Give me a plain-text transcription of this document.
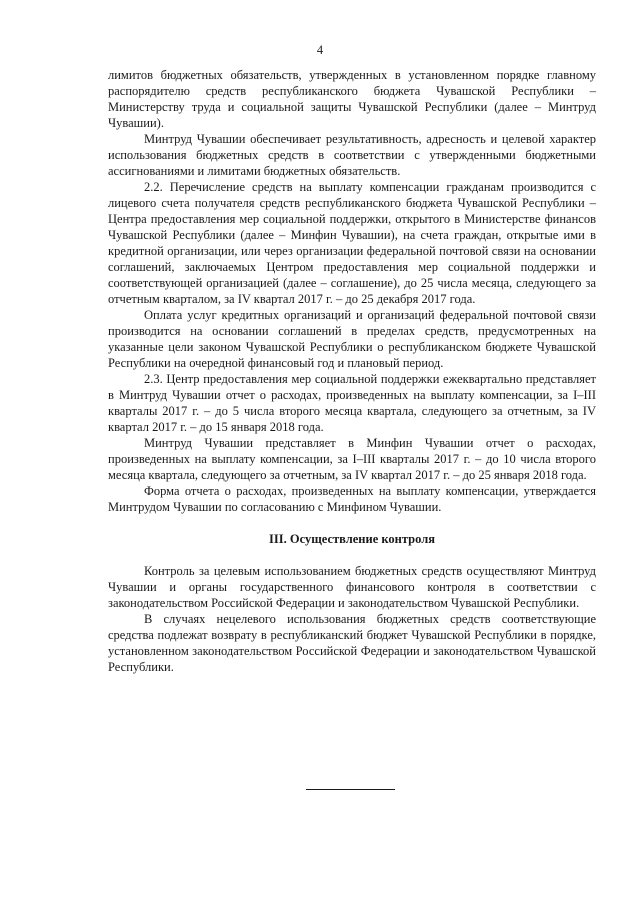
4

лимитов бюджетных обязательств, утвержденных в установленном порядке главному распорядителю средств республиканского бюджета Чувашской Республики – Министерству труда и социальной защиты Чувашской Республики (далее – Минтруд Чувашии).

Минтруд Чувашии обеспечивает результативность, адресность и целевой характер использования бюджетных средств в соответствии с утвержденными бюджетными ассигнованиями и лимитами бюджетных обязательств.

2.2. Перечисление средств на выплату компенсации гражданам производится с лицевого счета получателя средств республиканского бюджета Чувашской Республики – Центра предоставления мер социальной поддержки, открытого в Министерстве финансов Чувашской Республики (далее – Минфин Чувашии), на счета граждан, открытые ими в кредитной организации, или через организации федеральной почтовой связи на основании соглашений, заключаемых Центром предоставления мер социальной поддержки и соответствующей организацией (далее – соглашение), до 25 числа месяца, следующего за отчетным кварталом, за IV квартал 2017 г. – до 25 декабря 2017 года.

Оплата услуг кредитных организаций и организаций федеральной почтовой связи производится на основании соглашений в пределах средств, предусмотренных на указанные цели законом Чувашской Республики о республиканском бюджете Чувашской Республики на очередной финансовый год и плановый период.

2.3. Центр предоставления мер социальной поддержки ежеквартально представляет в Минтруд Чувашии отчет о расходах, произведенных на выплату компенсации, за I–III кварталы 2017 г. – до 5 числа второго месяца квартала, следующего за отчетным, за IV квартал 2017 г. – до 15 января 2018 года.

Минтруд Чувашии представляет в Минфин Чувашии отчет о расходах, произведенных на выплату компенсации, за I–III кварталы 2017 г. – до 10 числа второго месяца квартала, следующего за отчетным, за IV квартал 2017 г. – до 25 января 2018 года.

Форма отчета о расходах, произведенных на выплату компенсации, утверждается Минтрудом Чувашии по согласованию с Минфином Чувашии.

III. Осуществление контроля

Контроль за целевым использованием бюджетных средств осуществляют Минтруд Чувашии и органы государственного финансового контроля в соответствии с законодательством Российской Федерации и законодательством Чувашской Республики.

В случаях нецелевого использования бюджетных средств соответствующие средства подлежат возврату в республиканский бюджет Чувашской Республики в порядке, установленном законодательством Российской Федерации и законодательством Чувашской Республики.
